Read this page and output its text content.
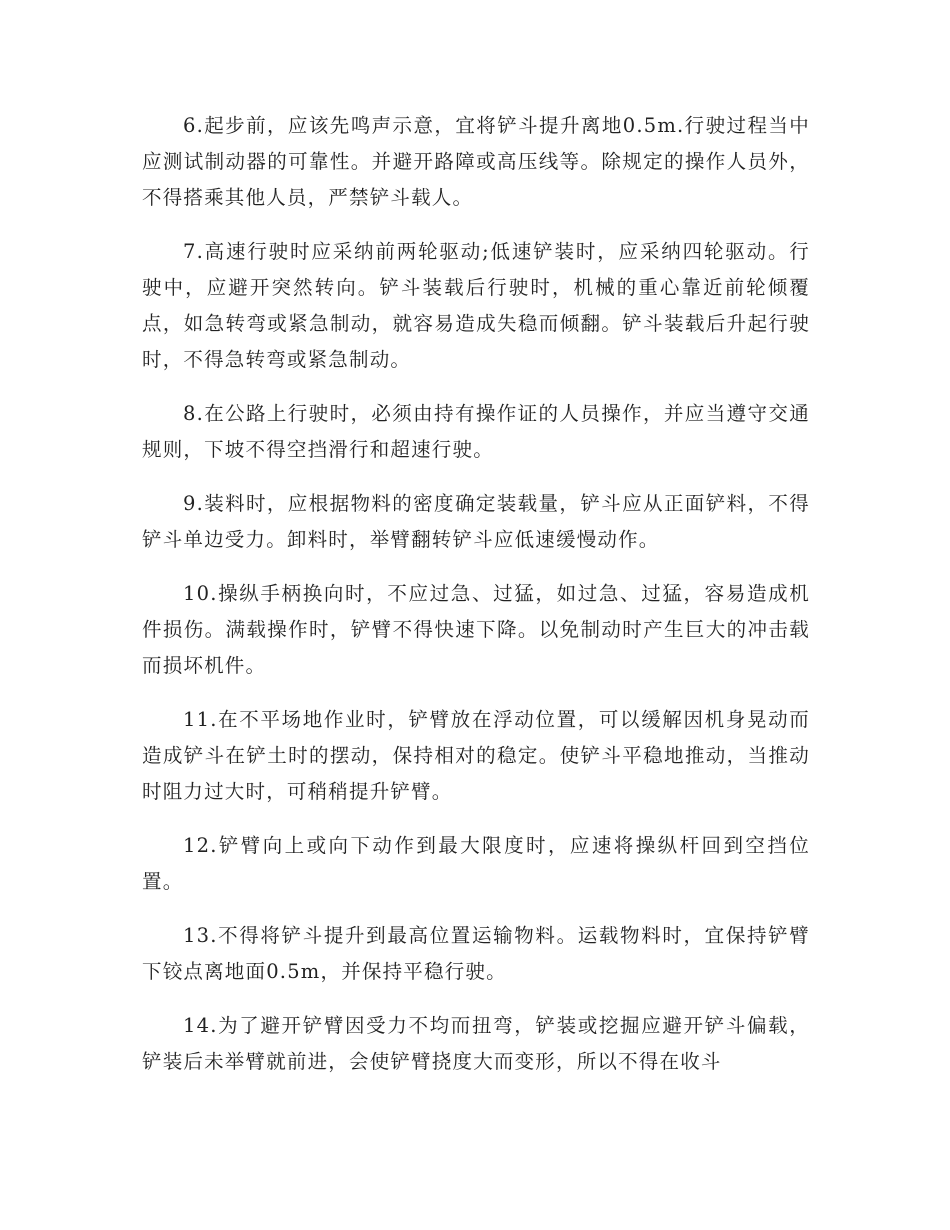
6.起步前，应该先鸣声示意，宜将铲斗提升离地0.5m.行驶过程当中应测试制动器的可靠性。并避开路障或高压线等。除规定的操作人员外，不得搭乘其他人员，严禁铲斗载人。

7.高速行驶时应采纳前两轮驱动;低速铲装时，应采纳四轮驱动。行驶中，应避开突然转向。铲斗装载后行驶时，机械的重心靠近前轮倾覆点，如急转弯或紧急制动，就容易造成失稳而倾翻。铲斗装载后升起行驶时，不得急转弯或紧急制动。

8.在公路上行驶时，必须由持有操作证的人员操作，并应当遵守交通规则，下坡不得空挡滑行和超速行驶。

9.装料时，应根据物料的密度确定装载量，铲斗应从正面铲料，不得铲斗单边受力。卸料时，举臂翻转铲斗应低速缓慢动作。

10.操纵手柄换向时，不应过急、过猛，如过急、过猛，容易造成机件损伤。满载操作时，铲臂不得快速下降。以免制动时产生巨大的冲击载而损坏机件。

11.在不平场地作业时，铲臂放在浮动位置，可以缓解因机身晃动而造成铲斗在铲土时的摆动，保持相对的稳定。使铲斗平稳地推动，当推动时阻力过大时，可稍稍提升铲臂。

12.铲臂向上或向下动作到最大限度时，应速将操纵杆回到空挡位置。

13.不得将铲斗提升到最高位置运输物料。运载物料时，宜保持铲臂下铰点离地面0.5m，并保持平稳行驶。

14.为了避开铲臂因受力不均而扭弯，铲装或挖掘应避开铲斗偏载，铲装后未举臂就前进，会使铲臂挠度大而变形，所以不得在收斗
